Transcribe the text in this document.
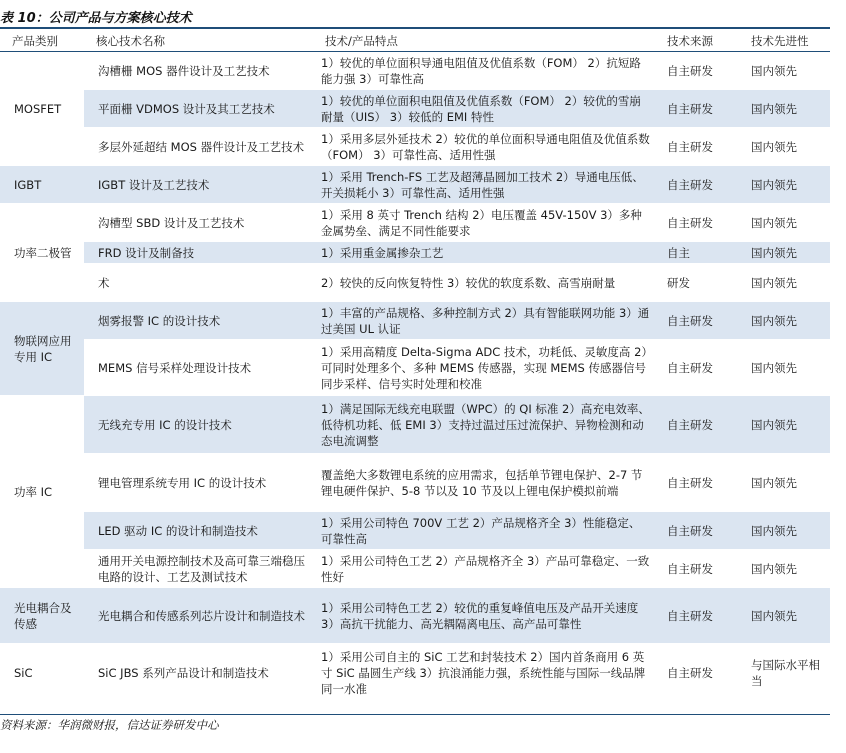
表 10：公司产品与方案核心技术
产品类别	核心技术名称	技术/产品特点	技术来源	技术先进性
MOSFET	沟槽栅 MOS 器件设计及工艺技术	1）较优的单位面积导通电阻值及优值系数（FOM） 2）抗短路能力强 3）可靠性高	自主研发	国内领先
	平面栅 VDMOS 设计及其工艺技术	1）较优的单位面积电阻值及优值系数（FOM） 2）较优的雪崩耐量（UIS） 3）较低的 EMI 特性	自主研发	国内领先
	多层外延超结 MOS 器件设计及工艺技术	1）采用多层外延技术 2）较优的单位面积导通电阻值及优值系数（FOM） 3）可靠性高、适用性强	自主研发	国内领先
IGBT	IGBT 设计及工艺技术	1）采用 Trench-FS 工艺及超薄晶圆加工技术 2）导通电压低、开关损耗小 3）可靠性高、适用性强	自主研发	国内领先
功率二极管	沟槽型 SBD 设计及工艺技术	1）采用 8 英寸 Trench 结构 2）电压覆盖 45V-150V 3）多种金属势垒、满足不同性能要求	自主研发	国内领先
	FRD 设计及制备技	1）采用重金属掺杂工艺	自主	国内领先
	术	2）较快的反向恢复特性 3）较优的软度系数、高雪崩耐量	研发	国内领先
物联网应用专用 IC	烟雾报警 IC 的设计技术	1）丰富的产品规格、多种控制方式 2）具有智能联网功能 3）通过美国 UL 认证	自主研发	国内领先
	MEMS 信号采样处理设计技术	1）采用高精度 Delta-Sigma ADC 技术，功耗低、灵敏度高 2）可同时处理多个、多种 MEMS 传感器，实现 MEMS 传感器信号同步采样、信号实时处理和校准	自主研发	国内领先
功率 IC	无线充专用 IC 的设计技术	1）满足国际无线充电联盟（WPC）的 QI 标准 2）高充电效率、低待机功耗、低 EMI 3）支持过温过压过流保护、异物检测和动态电流调整	自主研发	国内领先
	锂电管理系统专用 IC 的设计技术	覆盖绝大多数锂电系统的应用需求，包括单节锂电保护、2-7 节锂电硬件保护、5-8 节以及 10 节及以上锂电保护模拟前端	自主研发	国内领先
	LED 驱动 IC 的设计和制造技术	1）采用公司特色 700V 工艺 2）产品规格齐全 3）性能稳定、可靠性高	自主研发	国内领先
	通用开关电源控制技术及高可靠三端稳压电路的设计、工艺及测试技术	1）采用公司特色工艺 2）产品规格齐全 3）产品可靠稳定、一致性好	自主研发	国内领先
光电耦合及传感	光电耦合和传感系列芯片设计和制造技术	1）采用公司特色工艺 2）较优的重复峰值电压及产品开关速度 3）高抗干扰能力、高光耦隔离电压、高产品可靠性	自主研发	国内领先
SiC	SiC JBS 系列产品设计和制造技术	1）采用公司自主的 SiC 工艺和封装技术 2）国内首条商用 6 英寸 SiC 晶圆生产线 3）抗浪涌能力强，系统性能与国际一线品牌同一水准	自主研发	与国际水平相当
资料来源：华润微财报，信达证券研发中心
